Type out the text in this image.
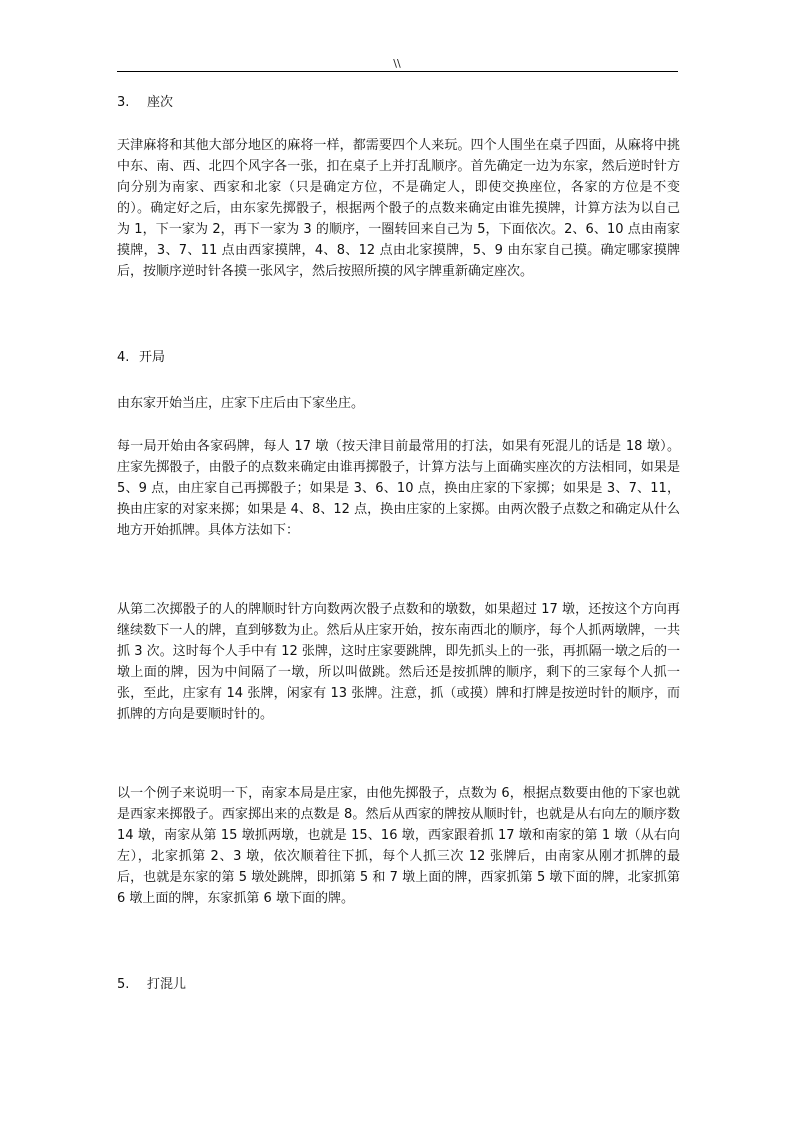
\\
3. 座次

天津麻将和其他大部分地区的麻将一样，都需要四个人来玩。四个人围坐在桌子四面，从麻将中挑中东、南、西、北四个风字各一张，扣在桌子上并打乱顺序。首先确定一边为东家，然后逆时针方向分别为南家、西家和北家（只是确定方位，不是确定人，即使交换座位，各家的方位是不变的）。确定好之后，由东家先掷骰子，根据两个骰子的点数来确定由谁先摸牌，计算方法为以自己为 1，下一家为 2，再下一家为 3 的顺序，一圈转回来自己为 5，下面依次。2、6、10 点由南家摸牌，3、7、11 点由西家摸牌，4、8、12 点由北家摸牌，5、9 由东家自己摸。确定哪家摸牌后，按顺序逆时针各摸一张风字，然后按照所摸的风字牌重新确定座次。

4. 开局

由东家开始当庄，庄家下庄后由下家坐庄。

每一局开始由各家码牌，每人 17 墩（按天津目前最常用的打法，如果有死混儿的话是 18 墩）。庄家先掷骰子，由骰子的点数来确定由谁再掷骰子，计算方法与上面确实座次的方法相同，如果是 5、9 点，由庄家自己再掷骰子；如果是 3、6、10 点，换由庄家的下家掷；如果是 3、7、11，换由庄家的对家来掷；如果是 4、8、12 点，换由庄家的上家掷。由两次骰子点数之和确定从什么地方开始抓牌。具体方法如下：

从第二次掷骰子的人的牌顺时针方向数两次骰子点数和的墩数，如果超过 17 墩，还按这个方向再继续数下一人的牌，直到够数为止。然后从庄家开始，按东南西北的顺序，每个人抓两墩牌，一共抓 3 次。这时每个人手中有 12 张牌，这时庄家要跳牌，即先抓头上的一张，再抓隔一墩之后的一墩上面的牌，因为中间隔了一墩，所以叫做跳。然后还是按抓牌的顺序，剩下的三家每个人抓一张，至此，庄家有 14 张牌，闲家有 13 张牌。注意，抓（或摸）牌和打牌是按逆时针的顺序，而抓牌的方向是要顺时针的。

以一个例子来说明一下，南家本局是庄家，由他先掷骰子，点数为 6，根据点数要由他的下家也就是西家来掷骰子。西家掷出来的点数是 8。然后从西家的牌按从顺时针，也就是从右向左的顺序数 14 墩，南家从第 15 墩抓两墩，也就是 15、16 墩，西家跟着抓 17 墩和南家的第 1 墩（从右向左），北家抓第 2、3 墩，依次顺着往下抓，每个人抓三次 12 张牌后，由南家从刚才抓牌的最后，也就是东家的第 5 墩处跳牌，即抓第 5 和 7 墩上面的牌，西家抓第 5 墩下面的牌，北家抓第 6 墩上面的牌，东家抓第 6 墩下面的牌。

5. 打混儿
